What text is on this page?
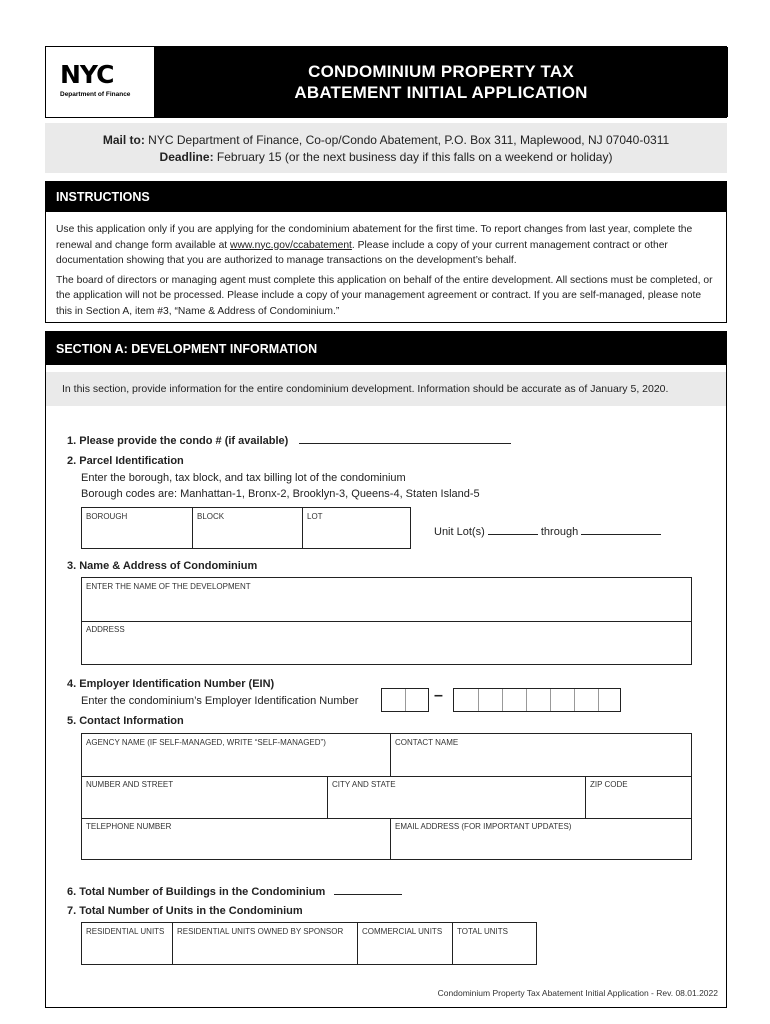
NYC
Department of Finance
CONDOMINIUM PROPERTY TAX
ABATEMENT INITIAL APPLICATION
Mail to: NYC Department of Finance, Co-op/Condo Abatement, P.O. Box 311, Maplewood, NJ 07040-0311
Deadline: February 15 (or the next business day if this falls on a weekend or holiday)
INSTRUCTIONS

Use this application only if you are applying for the condominium abatement for the first time. To report changes from last year, complete the renewal and change form available at www.nyc.gov/ccabatement. Please include a copy of your current management contract or other documentation showing that you are authorized to manage transactions on the development’s behalf.

The board of directors or managing agent must complete this application on behalf of the entire development. All sections must be completed, or the application will not be processed. Please include a copy of your management agreement or contract. If you are self-managed, please note this in Section A, item #3, “Name & Address of Condominium.”

SECTION A: DEVELOPMENT INFORMATION
In this section, provide information for the entire condominium development. Information should be accurate as of January 5, 2020.
1. Please provide the condo # (if available)
2. Parcel Identification
Enter the borough, tax block, and tax billing lot of the condominium
Borough codes are: Manhattan-1, Bronx-2, Brooklyn-3, Queens-4, Staten Island-5
BOROUGH	BLOCK	LOT
Unit Lot(s)	through
3. Name & Address of Condominium
ENTER THE NAME OF THE DEVELOPMENT
ADDRESS
4. Employer Identification Number (EIN)
Enter the condominium’s Employer Identification Number	–
5. Contact Information
AGENCY NAME (IF SELF-MANAGED, WRITE “SELF-MANAGED”)	CONTACT NAME
NUMBER AND STREET	CITY AND STATE	ZIP CODE
TELEPHONE NUMBER	EMAIL ADDRESS (FOR IMPORTANT UPDATES)
6. Total Number of Buildings in the Condominium
7. Total Number of Units in the Condominium
RESIDENTIAL UNITS	RESIDENTIAL UNITS OWNED BY SPONSOR	COMMERCIAL UNITS	TOTAL UNITS
Condominium Property Tax Abatement Initial Application - Rev. 08.01.2022
